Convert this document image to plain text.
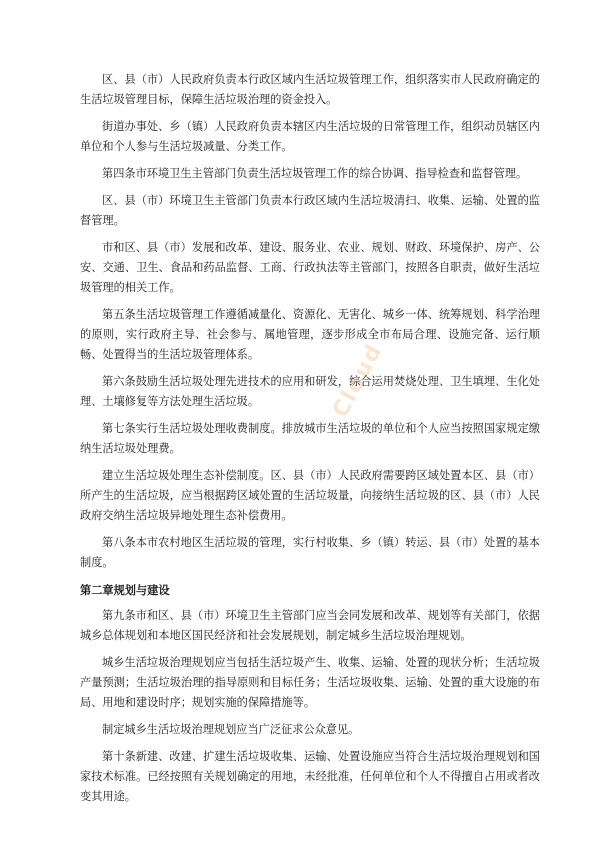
Cloud

区、县（市）人民政府负责本行政区域内生活垃圾管理工作，组织落实市人民政府确定的生活垃圾管理目标，保障生活垃圾治理的资金投入。

街道办事处、乡（镇）人民政府负责本辖区内生活垃圾的日常管理工作，组织动员辖区内单位和个人参与生活垃圾减量、分类工作。

第四条市环境卫生主管部门负责生活垃圾管理工作的综合协调、指导检查和监督管理。

区、县（市）环境卫生主管部门负责本行政区域内生活垃圾清扫、收集、运输、处置的监督管理。

市和区、县（市）发展和改革、建设、服务业、农业、规划、财政、环境保护、房产、公安、交通、卫生、食品和药品监督、工商、行政执法等主管部门，按照各自职责，做好生活垃圾管理的相关工作。

第五条生活垃圾管理工作遵循减量化、资源化、无害化、城乡一体、统筹规划、科学治理的原则，实行政府主导、社会参与、属地管理，逐步形成全市布局合理、设施完备、运行顺畅、处置得当的生活垃圾管理体系。

第六条鼓励生活垃圾处理先进技术的应用和研发，综合运用焚烧处理、卫生填埋、生化处理、土壤修复等方法处理生活垃圾。

第七条实行生活垃圾处理收费制度。排放城市生活垃圾的单位和个人应当按照国家规定缴纳生活垃圾处理费。

建立生活垃圾处理生态补偿制度。区、县（市）人民政府需要跨区域处置本区、县（市）所产生的生活垃圾，应当根据跨区域处置的生活垃圾量，向接纳生活垃圾的区、县（市）人民政府交纳生活垃圾异地处理生态补偿费用。

第八条本市农村地区生活垃圾的管理，实行村收集、乡（镇）转运、县（市）处置的基本制度。

第二章规划与建设

第九条市和区、县（市）环境卫生主管部门应当会同发展和改革、规划等有关部门，依据城乡总体规划和本地区国民经济和社会发展规划，制定城乡生活垃圾治理规划。

城乡生活垃圾治理规划应当包括生活垃圾产生、收集、运输、处置的现状分析；生活垃圾产量预测；生活垃圾治理的指导原则和目标任务；生活垃圾收集、运输、处置的重大设施的布局、用地和建设时序；规划实施的保障措施等。

制定城乡生活垃圾治理规划应当广泛征求公众意见。

第十条新建、改建、扩建生活垃圾收集、运输、处置设施应当符合生活垃圾治理规划和国家技术标准。已经按照有关规划确定的用地，未经批准，任何单位和个人不得擅自占用或者改变其用途。
